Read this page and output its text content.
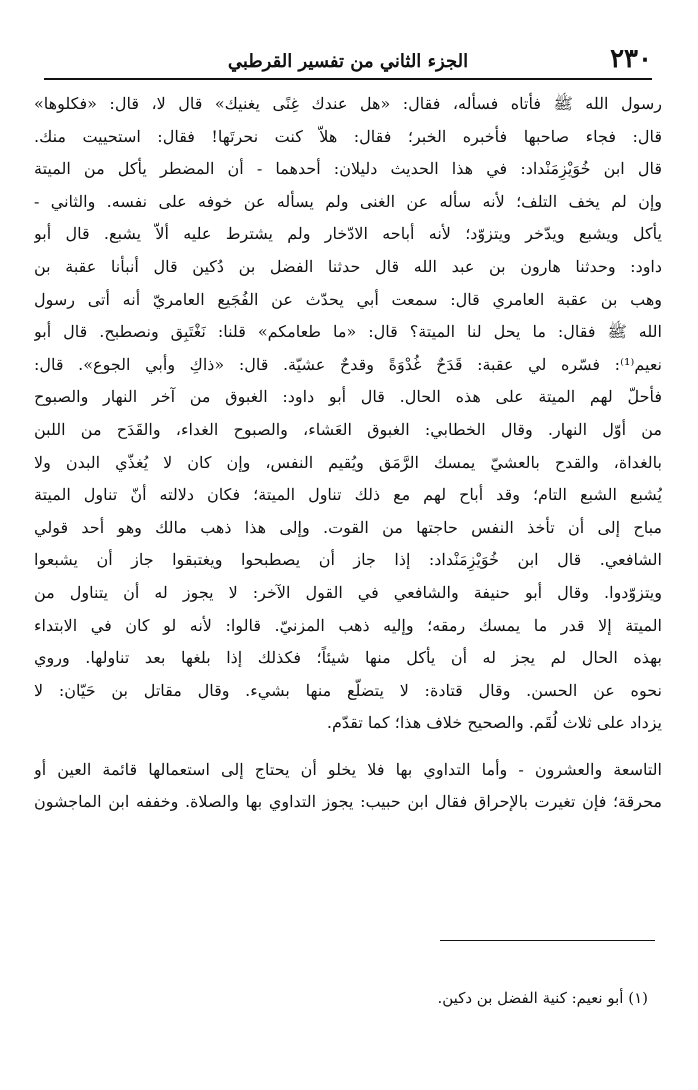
٢٣٠
الجزء الثاني من تفسير القرطبي
رسول الله ﷺ فأتاه فسأله، فقال: «هل عندك غِنًى يغنيك» قال لا، قال: «فكلوها»
قال: فجاء صاحبها فأخبره الخبر؛ فقال: هلاّ كنت نحرتَها! فقال: استحييت منك.
قال ابن خُوَيْزِمَنْداد: في هذا الحديث دليلان: أحدهما - أن المضطر يأكل من الميتة
وإن لم يخف التلف؛ لأنه سأله عن الغنى ولم يسأله عن خوفه على نفسه. والثاني -
يأكل ويشبع ويدّخر ويتزوّد؛ لأنه أباحه الادّخار ولم يشترط عليه ألاّ يشبع. قال أبو
داود: وحدثنا هارون بن عبد الله قال حدثنا الفضل بن دُكين قال أنبأنا عقبة بن
وهب بن عقبة العامري قال: سمعت أبي يحدّث عن الفُجَيع العامريّ أنه أتى رسول
الله ﷺ فقال: ما يحل لنا الميتة؟ قال: «ما طعامكم» قلنا: نَغْتَبِق ونصطبح. قال أبو
نعيم⁽¹⁾: فسّره لي عقبة: قَدَحٌ غُدْوَةً وقدحٌ عشيّة. قال: «ذاكِ وأبي الجوع». قال:
فأحلّ لهم الميتة على هذه الحال. قال أبو داود: الغبوق من آخر النهار والصبوح
من أوّل النهار. وقال الخطابي: الغبوق العَشاء، والصبوح الغداء، والقَدَح من اللبن
بالغداة، والقدح بالعشيّ يمسك الرَّمَق ويُقيم النفس، وإن كان لا يُغذّي البدن ولا
يُشبع الشبع التام؛ وقد أباح لهم مع ذلك تناول الميتة؛ فكان دلالته أنّ تناول الميتة
مباح إلى أن تأخذ النفس حاجتها من القوت. وإلى هذا ذهب مالك وهو أحد قولي
الشافعي. قال ابن خُوَيْزِمَنْداد: إذا جاز أن يصطبحوا ويغتبقوا جاز أن يشبعوا
ويتزوّدوا. وقال أبو حنيفة والشافعي في القول الآخر: لا يجوز له أن يتناول من
الميتة إلا قدر ما يمسك رمقه؛ وإليه ذهب المزنيّ. قالوا: لأنه لو كان في الابتداء
بهذه الحال لم يجز له أن يأكل منها شيئاً؛ فكذلك إذا بلغها بعد تناولها. وروي
نحوه عن الحسن. وقال قتادة: لا يتضلّع منها بشيء. وقال مقاتل بن حَيّان: لا
يزداد على ثلاث لُقَم. والصحيح خلاف هذا؛ كما تقدّم.
التاسعة والعشرون - وأما التداوي بها فلا يخلو أن يحتاج إلى استعمالها قائمة العين أو
محرقة؛ فإن تغيرت بالإحراق فقال ابن حبيب: يجوز التداوي بها والصلاة. وخففه ابن الماجشون
(١) أبو نعيم: كنية الفضل بن دكين.
